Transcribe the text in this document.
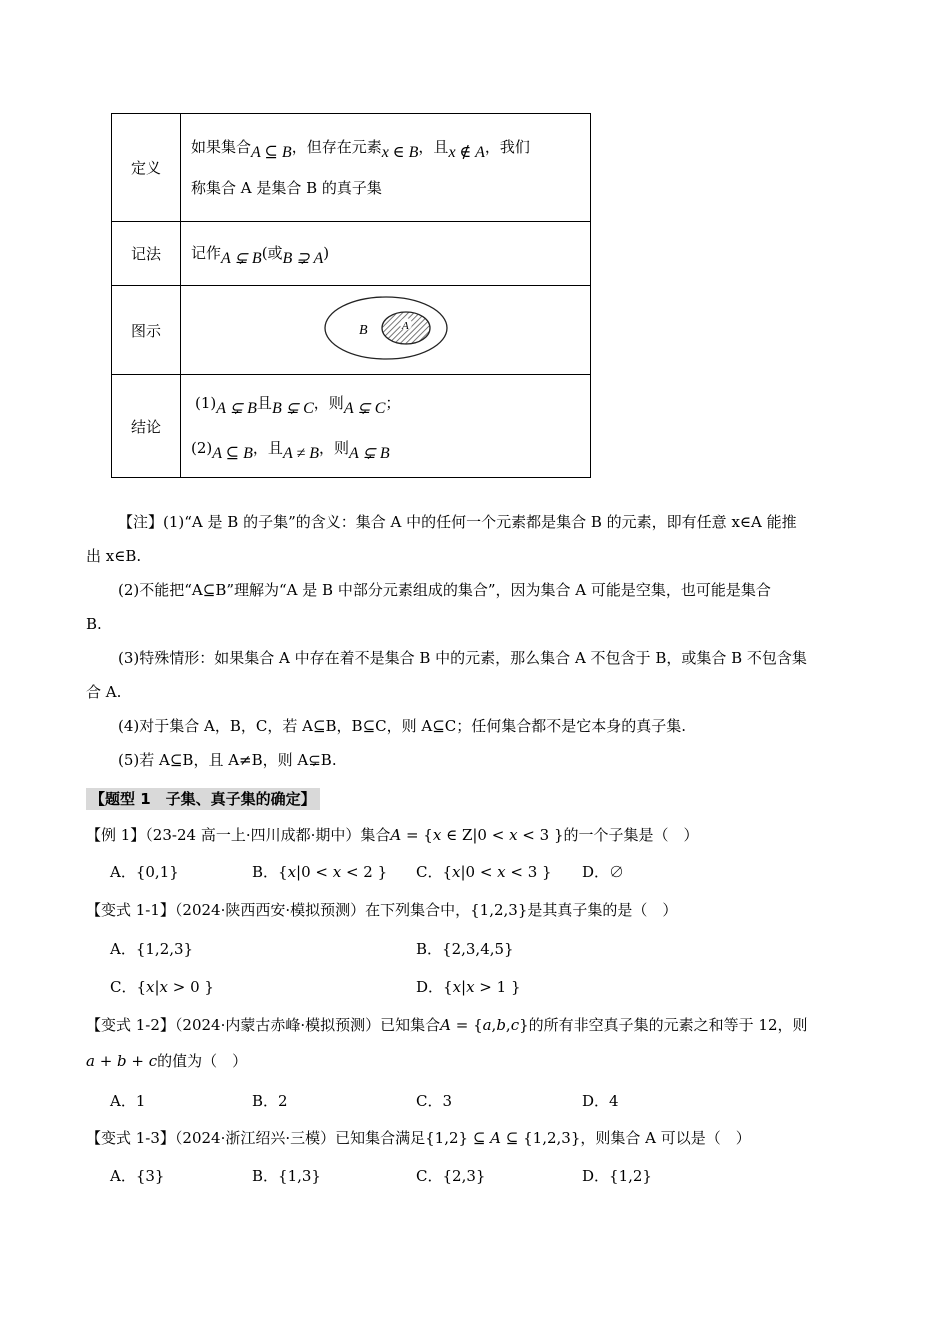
定义	如果集合A ⊆ B，但存在元素x ∈ B，且x ∉ A，我们
称集合 A 是集合 B 的真子集

记法	记作A ⊊ B(或B ⊋ A)
图示	B A

结论	(1)A ⊊ B且B ⊊ C，则A ⊊ C；
(2)A ⊆ B，且A ≠ B，则A ⊊ B

【注】(1)“A 是 B 的子集”的含义：集合 A 中的任何一个元素都是集合 B 的元素，即有任意 x∈A 能推

出 x∈B.

(2)不能把“A⊆B”理解为“A 是 B 中部分元素组成的集合”，因为集合 A 可能是空集，也可能是集合

B.

(3)特殊情形：如果集合 A 中存在着不是集合 B 中的元素，那么集合 A 不包含于 B，或集合 B 不包含集

合 A.

(4)对于集合 A，B，C，若 A⊆B，B⊆C，则 A⊆C；任何集合都不是它本身的真子集.

(5)若 A⊆B，且 A≠B，则 A⊊B.

【题型 1　子集、真子集的确定】
【例 1】（23-24 高一上·四川成都·期中）集合𝐴 = {𝑥 ∈ Z|0 < 𝑥 < 3 }的一个子集是（　）
A．{0,1}	B．{𝑥|0 < 𝑥 < 2 } C．{𝑥|0 < 𝑥 < 3 } D．∅
【变式 1-1】（2024·陕西西安·模拟预测）在下列集合中，{1,2,3}是其真子集的是（　）
A．{1,2,3}	B．{2,3,4,5}
C．{𝑥|𝑥 > 0 }	D．{𝑥|𝑥 > 1 }
【变式 1-2】（2024·内蒙古赤峰·模拟预测）已知集合𝐴 = {𝑎,𝑏,𝑐}的所有非空真子集的元素之和等于 12，则
𝑎 + 𝑏 + 𝑐的值为（　）
A．1	B．2	C．3	D．4
【变式 1-3】（2024·浙江绍兴·三模）已知集合满足{1,2} ⊆ 𝐴 ⊆ {1,2,3}，则集合 A 可以是（　）
A．{3}	B．{1,3}	C．{2,3}	D．{1,2}
